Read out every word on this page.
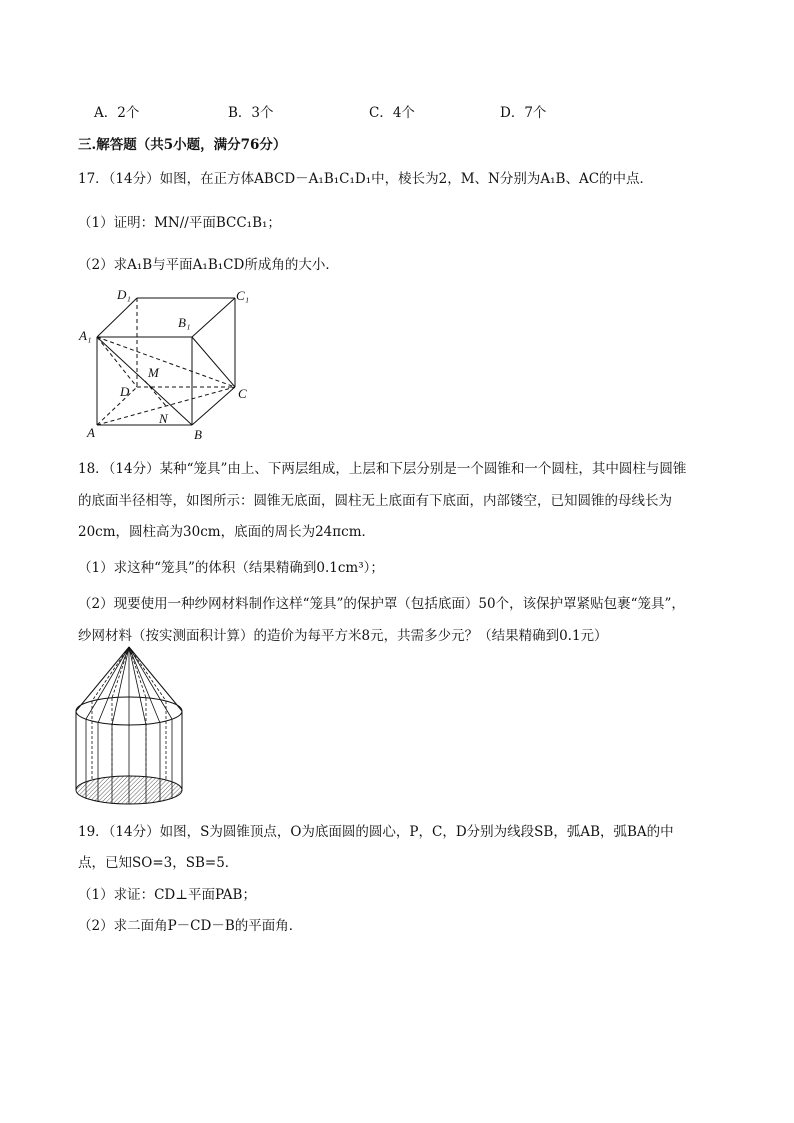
A．2个	B．3个	C．4个	D．7个
三.解答题（共5小题，满分76分）
17．（14分）如图，在正方体ABCD－A₁B₁C₁D₁中，棱长为2，M、N分别为A₁B、AC的中点．
（1）证明：MN//平面BCC₁B₁；
（2）求A₁B与平面A₁B₁CD所成角的大小．
D₁	C₁
B₁
A₁
M
D	C
A
N
B
18．（14分）某种“笼具”由上、下两层组成，上层和下层分别是一个圆锥和一个圆柱，其中圆柱与圆锥
的底面半径相等，如图所示：圆锥无底面，圆柱无上底面有下底面，内部镂空，已知圆锥的母线长为
20cm，圆柱高为30cm，底面的周长为24πcm．
（1）求这种“笼具”的体积（结果精确到0.1cm³）；
（2）现要使用一种纱网材料制作这样“笼具”的保护罩（包括底面）50个，该保护罩紧贴包裹“笼具”，
纱网材料（按实测面积计算）的造价为每平方米8元，共需多少元？（结果精确到0.1元）
19．（14分）如图，S为圆锥顶点，O为底面圆的圆心，P，C，D分别为线段SB，弧AB，弧BA的中
点，已知SO=3，SB=5．
（1）求证：CD⊥平面PAB；
（2）求二面角P－CD－B的平面角．
